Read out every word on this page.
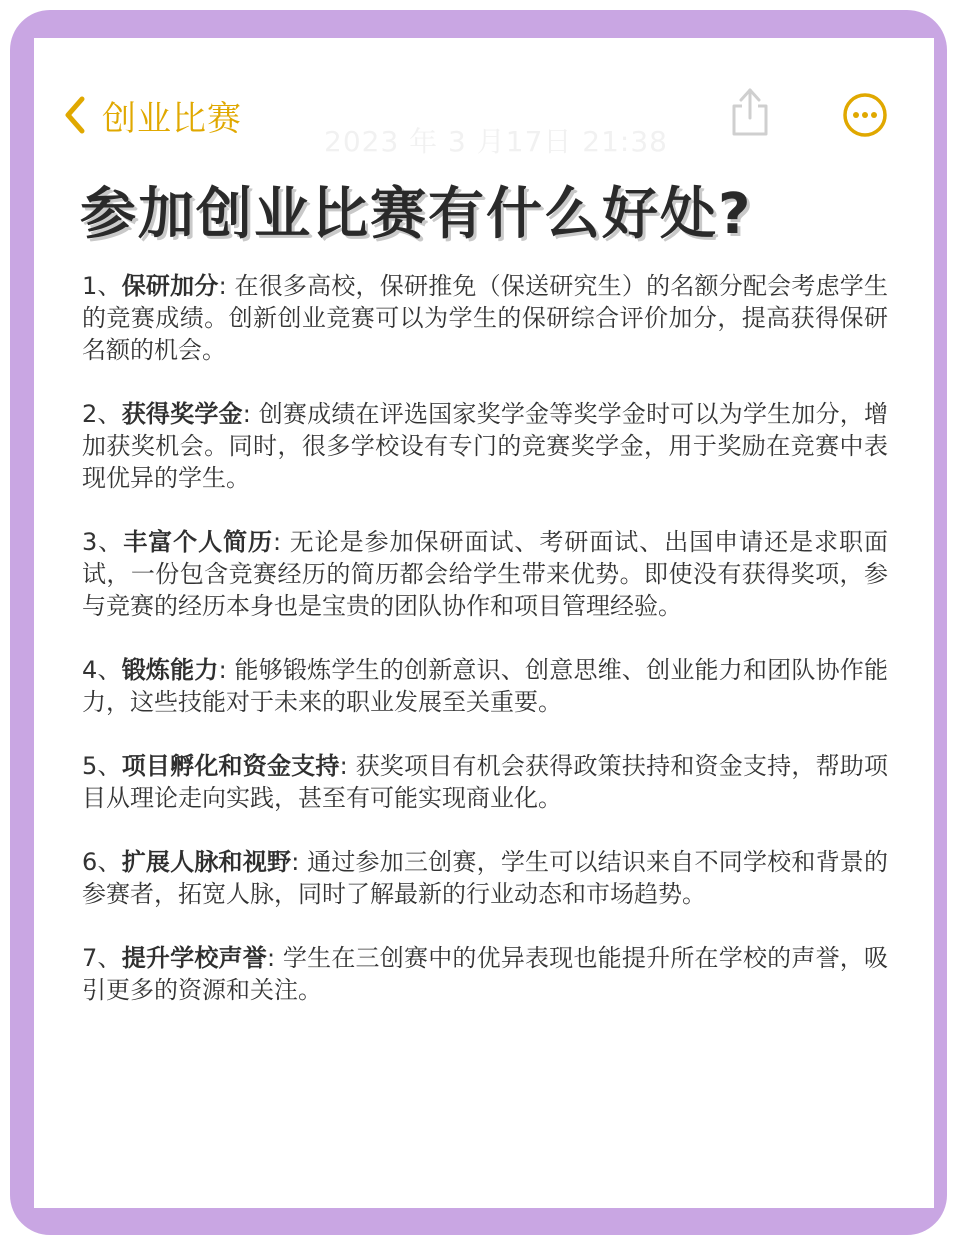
创业比赛
2023 年 3 月17日 21:38
参加创业比赛有什么好处?

1、保研加分: 在很多高校，保研推免（保送研究生）的名额分配会考虑学生的竞赛成绩。创新创业竞赛可以为学生的保研综合评价加分，提高获得保研名额的机会。

2、获得奖学金: 创赛成绩在评选国家奖学金等奖学金时可以为学生加分，增加获奖机会。同时，很多学校设有专门的竞赛奖学金，用于奖励在竞赛中表现优异的学生。

3、丰富个人简历: 无论是参加保研面试、考研面试、出国申请还是求职面试，一份包含竞赛经历的简历都会给学生带来优势。即使没有获得奖项，参与竞赛的经历本身也是宝贵的团队协作和项目管理经验。

4、锻炼能力: 能够锻炼学生的创新意识、创意思维、创业能力和团队协作能力，这些技能对于未来的职业发展至关重要。

5、项目孵化和资金支持: 获奖项目有机会获得政策扶持和资金支持，帮助项目从理论走向实践，甚至有可能实现商业化。

6、扩展人脉和视野: 通过参加三创赛，学生可以结识来自不同学校和背景的参赛者，拓宽人脉，同时了解最新的行业动态和市场趋势。

7、提升学校声誉: 学生在三创赛中的优异表现也能提升所在学校的声誉，吸引更多的资源和关注。
